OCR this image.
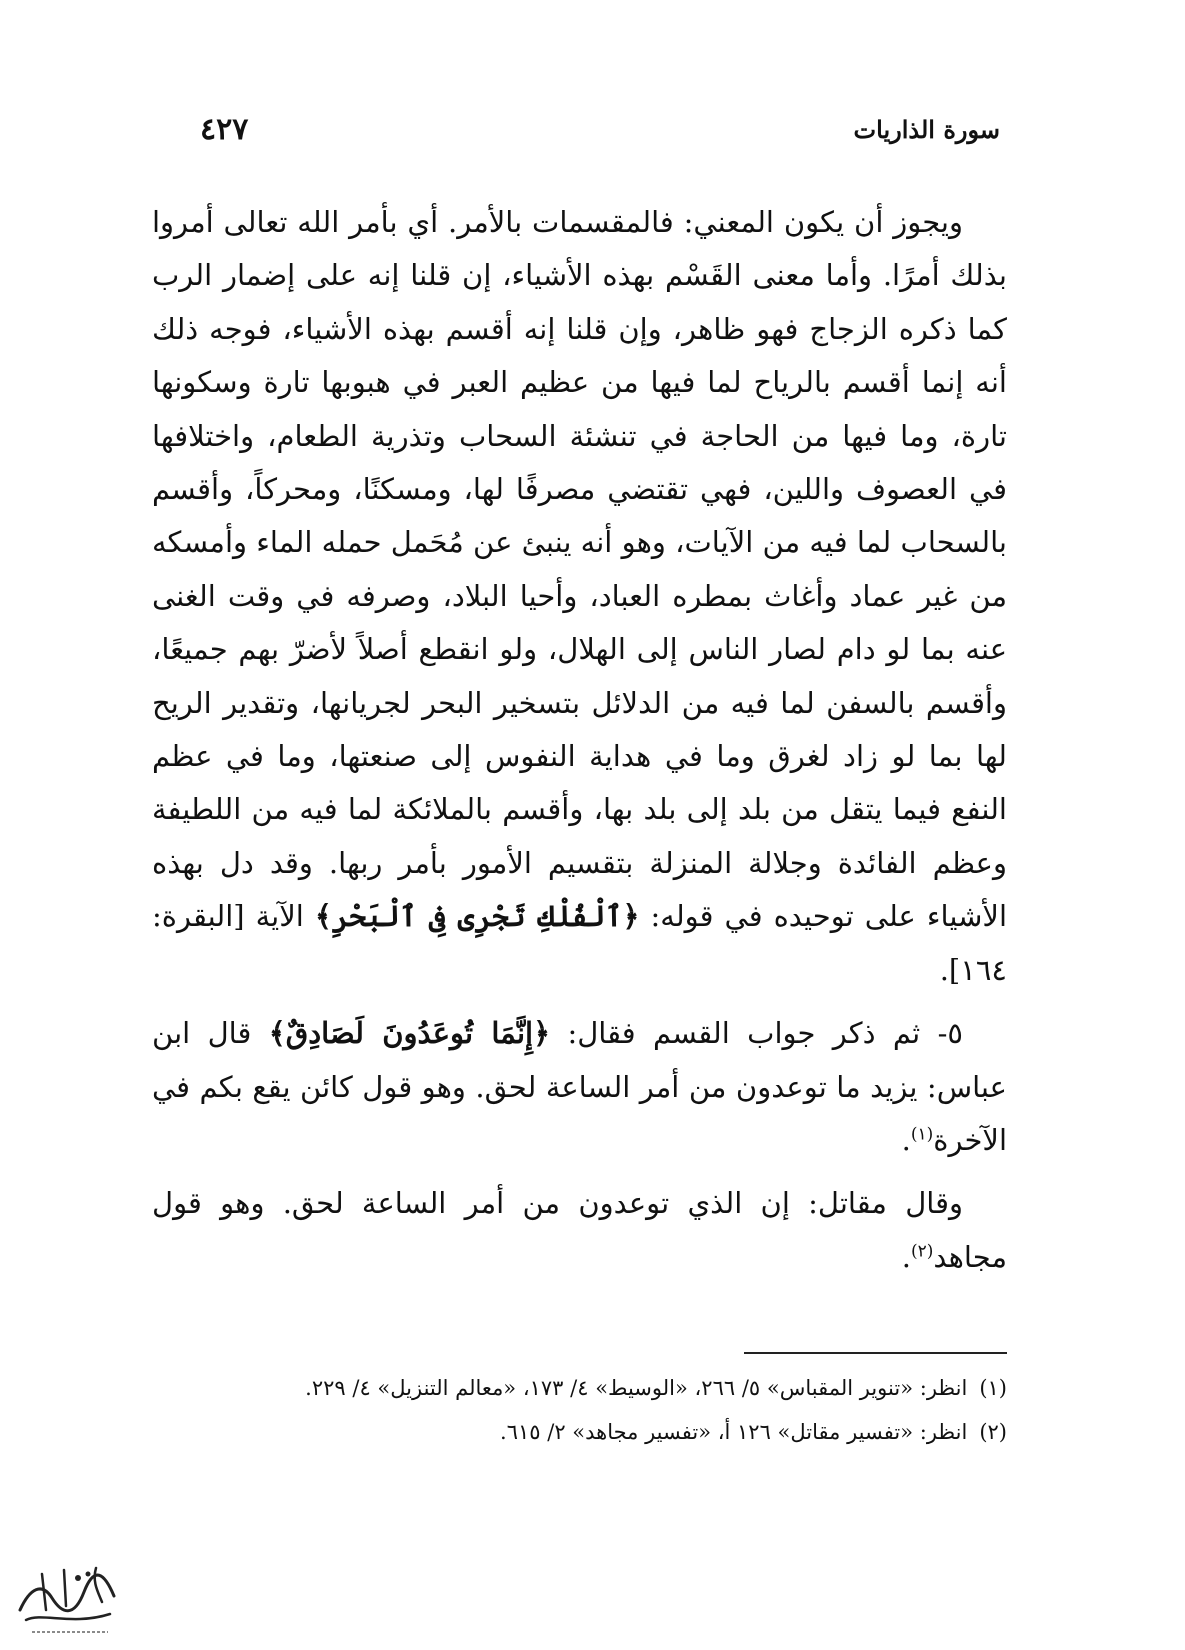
سورة الذاريات
٤٢٧

ويجوز أن يكون المعني: فالمقسمات بالأمر. أي بأمر الله تعالى أمروا بذلك أمرًا. وأما معنى القَسْم بهذه الأشياء، إن قلنا إنه على إضمار الرب كما ذكره الزجاج فهو ظاهر، وإن قلنا إنه أقسم بهذه الأشياء، فوجه ذلك أنه إنما أقسم بالرياح لما فيها من عظيم العبر في هبوبها تارة وسكونها تارة، وما فيها من الحاجة في تنشئة السحاب وتذرية الطعام، واختلافها في العصوف واللين، فهي تقتضي مصرفًا لها، ومسكنًا، ومحركاً، وأقسم بالسحاب لما فيه من الآيات، وهو أنه ينبئ عن مُحَمل حمله الماء وأمسكه من غير عماد وأغاث بمطره العباد، وأحيا البلاد، وصرفه في وقت الغنى عنه بما لو دام لصار الناس إلى الهلال، ولو انقطع أصلاً لأضرّ بهم جميعًا، وأقسم بالسفن لما فيه من الدلائل بتسخير البحر لجريانها، وتقدير الريح لها بما لو زاد لغرق وما في هداية النفوس إلى صنعتها، وما في عظم النفع فيما يتقل من بلد إلى بلد بها، وأقسم بالملائكة لما فيه من اللطيفة وعظم الفائدة وجلالة المنزلة بتقسيم الأمور بأمر ربها. وقد دل بهذه الأشياء على توحيده في قوله: ﴿ٱلْفُلْكِ تَجْرِى فِى ٱلْبَحْرِ﴾ الآية [البقرة: ١٦٤].

٥- ثم ذكر جواب القسم فقال: ﴿إِنَّمَا تُوعَدُونَ لَصَادِقٌ﴾ قال ابن عباس: يزيد ما توعدون من أمر الساعة لحق. وهو قول كائن يقع بكم في الآخرة$^{(١)}$.

وقال مقاتل: إن الذي توعدون من أمر الساعة لحق. وهو قول مجاهد$^{(٢)}$.

(١)انظر: «تنوير المقباس» ٥/ ٢٦٦، «الوسيط» ٤/ ١٧٣، «معالم التنزيل» ٤/ ٢٢٩.

(٢)انظر: «تفسير مقاتل» ١٢٦ أ، «تفسير مجاهد» ٢/ ٦١٥.
